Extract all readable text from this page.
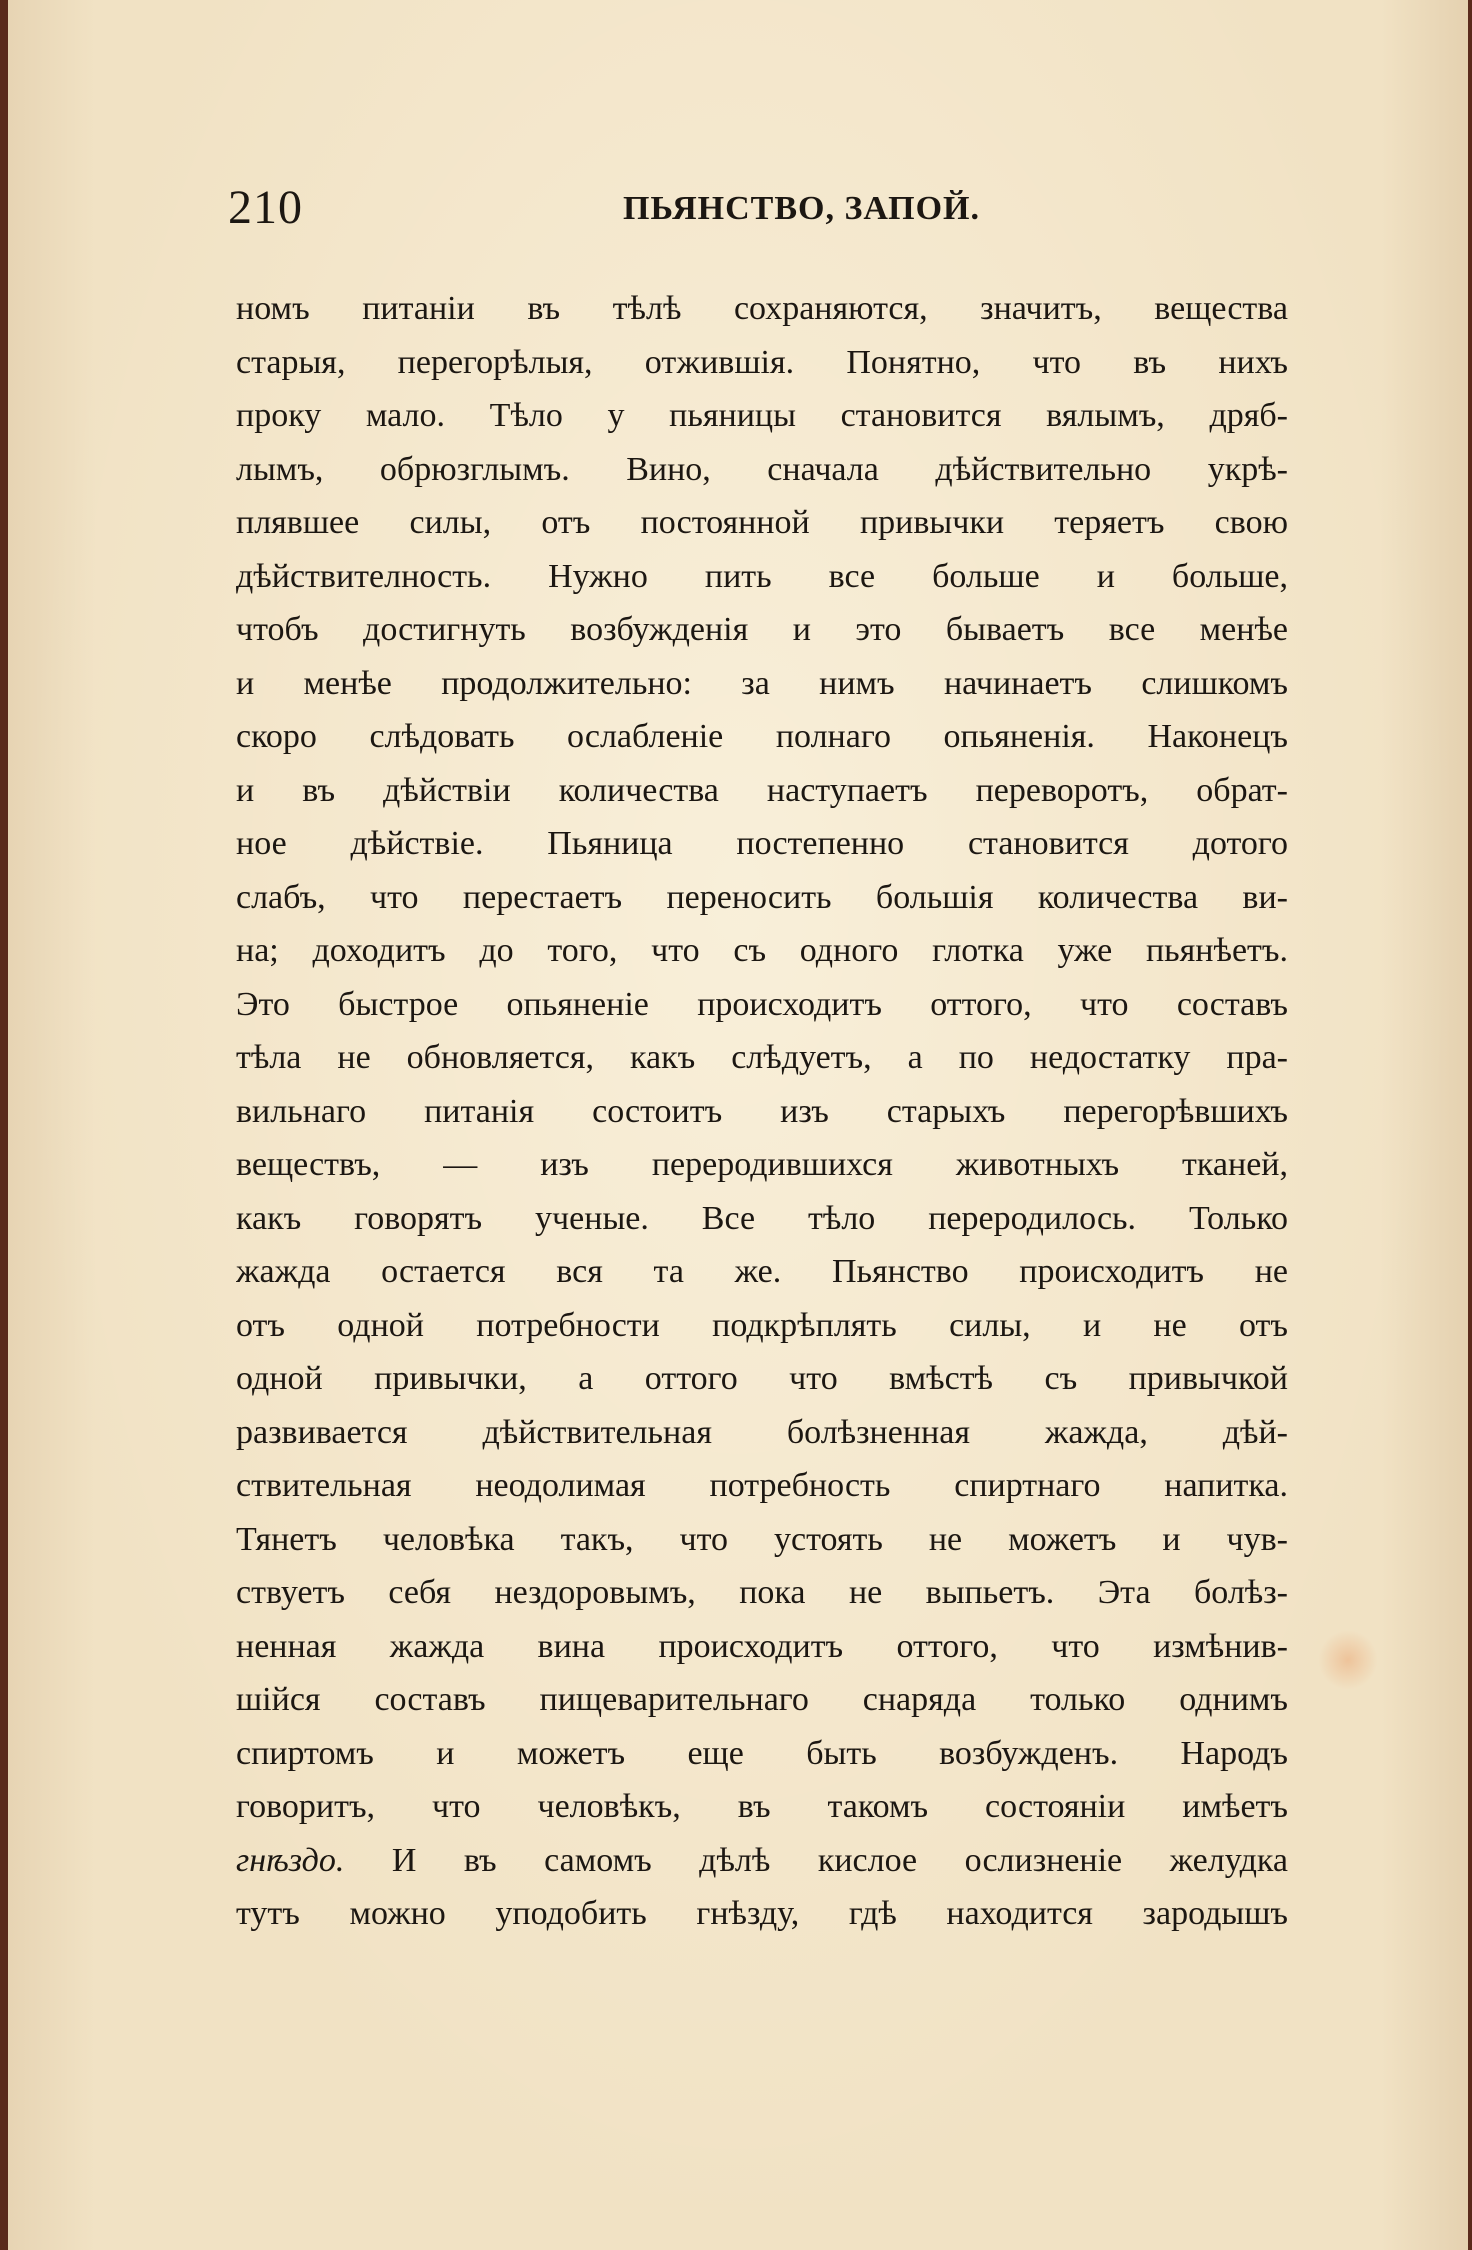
210	ПЬЯНСТВО, ЗАПОЙ.
номъ питаніи въ тѣлѣ сохраняются, значитъ, вещества
старыя, перегорѣлыя, отжившія. Понятно, что въ нихъ
проку мало. Тѣло у пьяницы становится вялымъ, дряб-
лымъ, обрюзглымъ. Вино, сначала дѣйствительно укрѣ-
плявшее силы, отъ постоянной привычки теряетъ свою
дѣйствителность. Нужно пить все больше и больше,
чтобъ достигнуть возбужденія и это бываетъ все менѣе
и менѣе продолжительно: за нимъ начинаетъ слишкомъ
скоро слѣдовать ослабленіе полнаго опьяненія. Наконецъ
и въ дѣйствіи количества наступаетъ переворотъ, обрат-
ное дѣйствіе. Пьяница постепенно становится дотого
слабъ, что перестаетъ переносить большія количества ви-
на; доходитъ до того, что съ одного глотка уже пьянѣетъ.
Это быстрое опьяненіе происходитъ оттого, что составъ
тѣла не обновляется, какъ слѣдуетъ, а по недостатку пра-
вильнаго питанія состоитъ изъ старыхъ перегорѣвшихъ
веществъ, — изъ переродившихся животныхъ тканей,
какъ говорятъ ученые. Все тѣло переродилось. Только
жажда остается вся та же. Пьянство происходитъ не
отъ одной потребности подкрѣплять силы, и не отъ
одной привычки, а оттого что вмѣстѣ съ привычкой
развивается дѣйствительная болѣзненная жажда, дѣй-
ствительная неодолимая потребность спиртнаго напитка.
Тянетъ человѣка такъ, что устоять не можетъ и чув-
ствуетъ себя нездоровымъ, пока не выпьетъ. Эта болѣз-
ненная жажда вина происходитъ оттого, что измѣнив-
шійся составъ пищеварительнаго снаряда только однимъ
спиртомъ и можетъ еще быть возбужденъ. Народъ
говоритъ, что человѣкъ, въ такомъ состояніи имѣетъ
гнѣздо. И въ самомъ дѣлѣ кислое ослизненіе желудка
тутъ можно уподобить гнѣзду, гдѣ находится зародышъ
